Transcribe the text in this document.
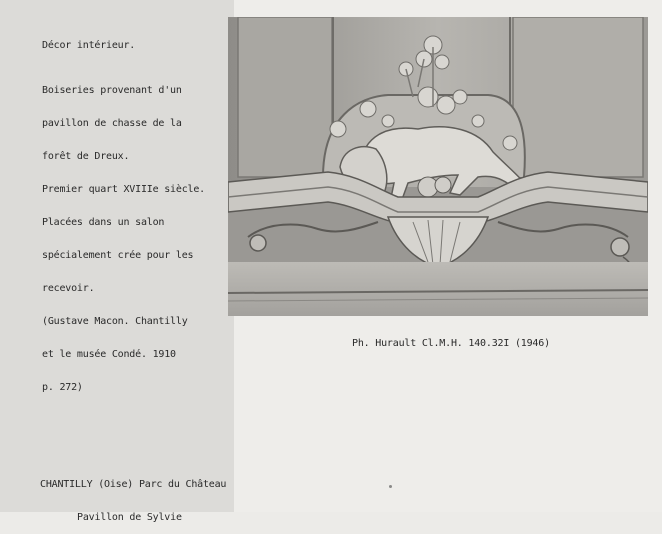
Décor intérieur.

Boiseries provenant d'un

pavillon de chasse de la

forêt de Dreux.

Premier quart XVIIIe siècle.

Placées dans un salon

spécialement crée pour les

recevoir.

(Gustave Macon. Chantilly

et le musée Condé. 1910

p. 272)

Ph. Hurault Cl.M.H. 140.32I (1946)

CHANTILLY (Oise) Parc du Château

Pavillon de Sylvie
